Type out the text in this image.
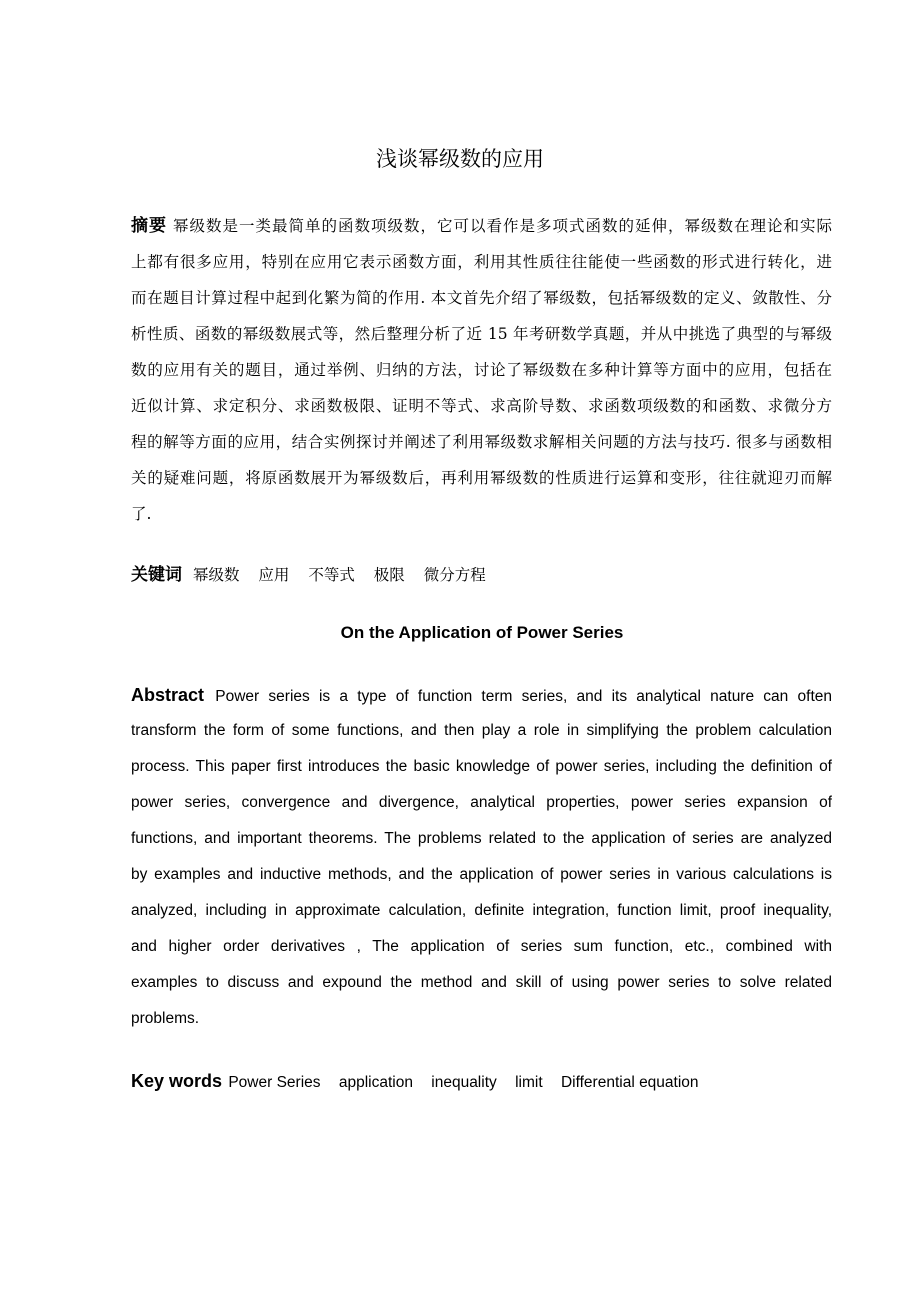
浅谈幂级数的应用
摘要 幂级数是一类最简单的函数项级数，它可以看作是多项式函数的延伸，幂级数在理论和实际
上都有很多应用，特别在应用它表示函数方面，利用其性质往往能使一些函数的形式进行转化，进
而在题目计算过程中起到化繁为简的作用. 本文首先介绍了幂级数，包括幂级数的定义、敛散性、分
析性质、函数的幂级数展式等，然后整理分析了近 15 年考研数学真题，并从中挑选了典型的与幂级
数的应用有关的题目，通过举例、归纳的方法，讨论了幂级数在多种计算等方面中的应用，包括在
近似计算、求定积分、求函数极限、证明不等式、求高阶导数、求函数项级数的和函数、求微分方
程的解等方面的应用，结合实例探讨并阐述了利用幂级数求解相关问题的方法与技巧. 很多与函数相
关的疑难问题，将原函数展开为幂级数后，再利用幂级数的性质进行运算和变形，往往就迎刃而解
了.
关键词 幂级数 应用 不等式 极限 微分方程
On the Application of Power Series
Abstract Power series is a type of function term series, and its analytical nature can often
transform the form of some functions, and then play a role in simplifying the problem calculation
process. This paper first introduces the basic knowledge of power series, including the definition of
power series, convergence and divergence, analytical properties, power series expansion of
functions, and important theorems. The problems related to the application of series are analyzed
by examples and inductive methods, and the application of power series in various calculations is
analyzed, including in approximate calculation, definite integration, function limit, proof inequality,
and higher order derivatives , The application of series sum function, etc., combined with
examples to discuss and expound the method and skill of using power series to solve related
problems.
Key words Power Series application inequality limit Differential equation
